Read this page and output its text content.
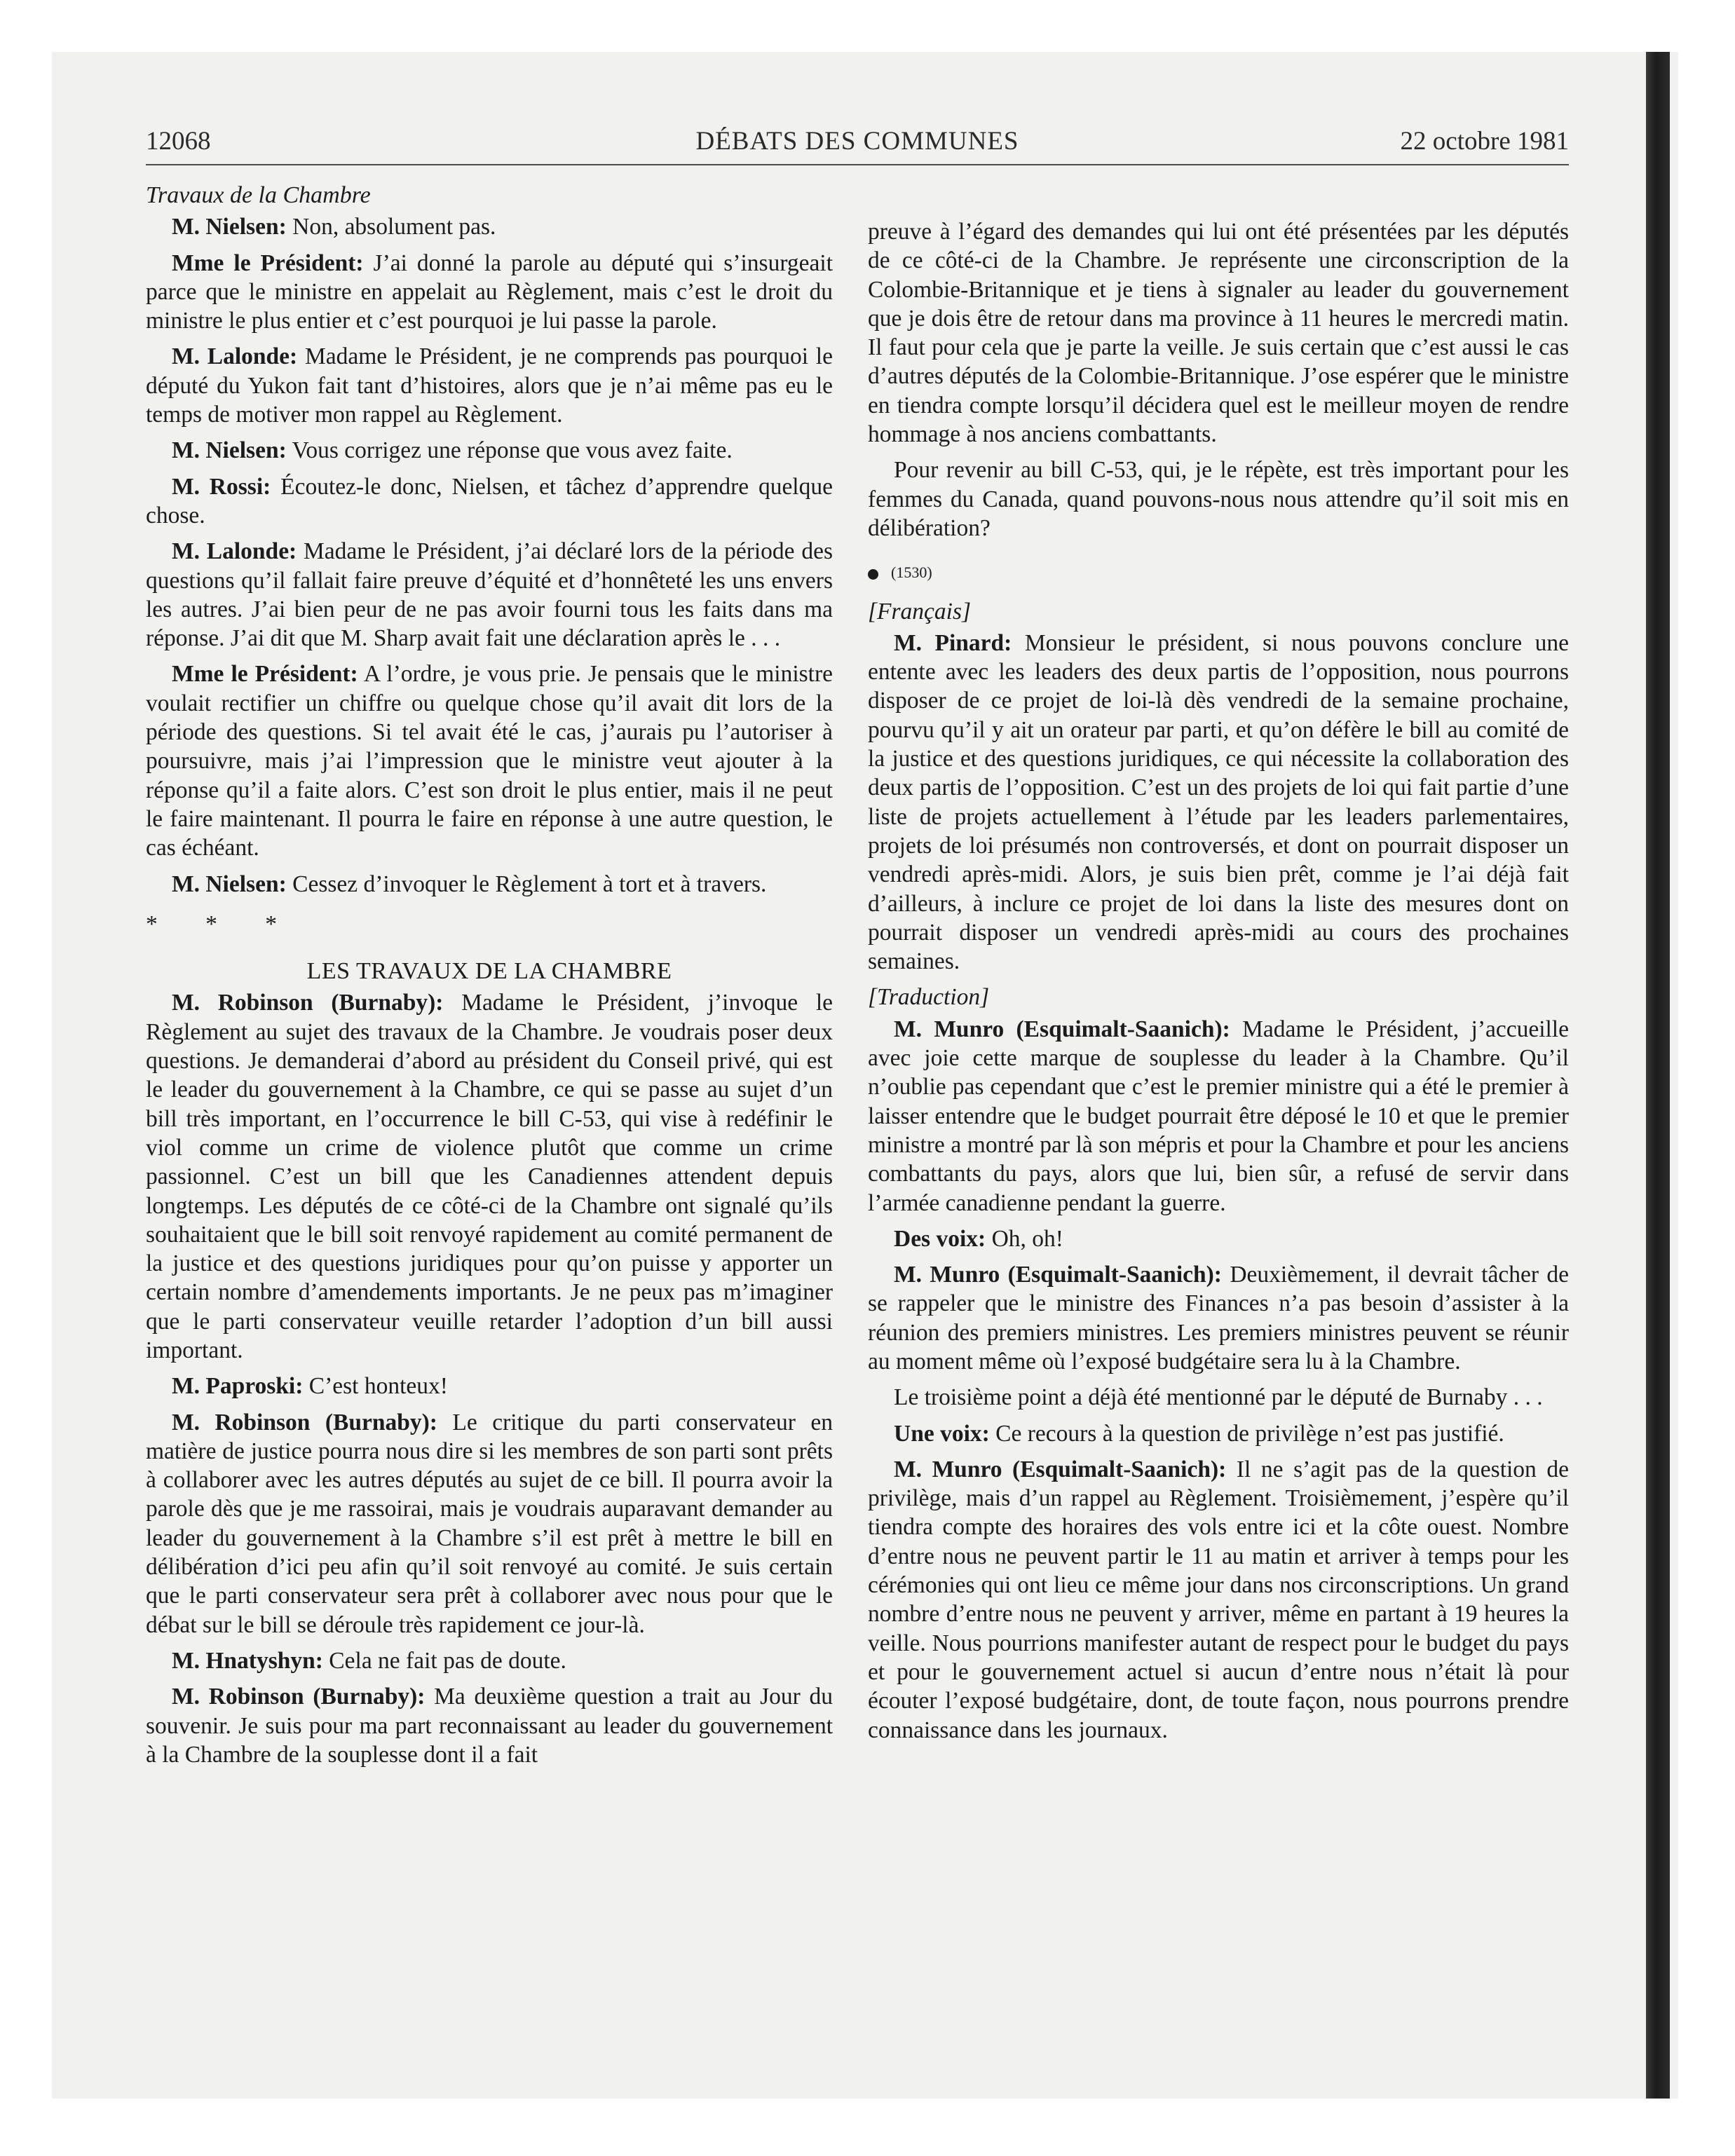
12068	DÉBATS DES COMMUNES	22 octobre 1981

Travaux de la Chambre

M. Nielsen: Non, absolument pas.

Mme le Président: J’ai donné la parole au député qui s’insurgeait parce que le ministre en appelait au Règlement, mais c’est le droit du ministre le plus entier et c’est pourquoi je lui passe la parole.

M. Lalonde: Madame le Président, je ne comprends pas pourquoi le député du Yukon fait tant d’histoires, alors que je n’ai même pas eu le temps de motiver mon rappel au Règlement.

M. Nielsen: Vous corrigez une réponse que vous avez faite.

M. Rossi: Écoutez-le donc, Nielsen, et tâchez d’apprendre quelque chose.

M. Lalonde: Madame le Président, j’ai déclaré lors de la période des questions qu’il fallait faire preuve d’équité et d’honnêteté les uns envers les autres. J’ai bien peur de ne pas avoir fourni tous les faits dans ma réponse. J’ai dit que M. Sharp avait fait une déclaration après le . . .

Mme le Président: A l’ordre, je vous prie. Je pensais que le ministre voulait rectifier un chiffre ou quelque chose qu’il avait dit lors de la période des questions. Si tel avait été le cas, j’aurais pu l’autoriser à poursuivre, mais j’ai l’impression que le ministre veut ajouter à la réponse qu’il a faite alors. C’est son droit le plus entier, mais il ne peut le faire maintenant. Il pourra le faire en réponse à une autre question, le cas échéant.

M. Nielsen: Cessez d’invoquer le Règlement à tort et à travers.

* * *

LES TRAVAUX DE LA CHAMBRE

M. Robinson (Burnaby): Madame le Président, j’invoque le Règlement au sujet des travaux de la Chambre. Je voudrais poser deux questions. Je demanderai d’abord au président du Conseil privé, qui est le leader du gouvernement à la Chambre, ce qui se passe au sujet d’un bill très important, en l’occurrence le bill C-53, qui vise à redéfinir le viol comme un crime de violence plutôt que comme un crime passionnel. C’est un bill que les Canadiennes attendent depuis longtemps. Les députés de ce côté-ci de la Chambre ont signalé qu’ils souhaitaient que le bill soit renvoyé rapidement au comité permanent de la justice et des questions juridiques pour qu’on puisse y apporter un certain nombre d’amendements importants. Je ne peux pas m’imaginer que le parti conservateur veuille retarder l’adoption d’un bill aussi important.

M. Paproski: C’est honteux!

M. Robinson (Burnaby): Le critique du parti conservateur en matière de justice pourra nous dire si les membres de son parti sont prêts à collaborer avec les autres députés au sujet de ce bill. Il pourra avoir la parole dès que je me rassoirai, mais je voudrais auparavant demander au leader du gouvernement à la Chambre s’il est prêt à mettre le bill en délibération d’ici peu afin qu’il soit renvoyé au comité. Je suis certain que le parti conservateur sera prêt à collaborer avec nous pour que le débat sur le bill se déroule très rapidement ce jour-là.

M. Hnatyshyn: Cela ne fait pas de doute.

M. Robinson (Burnaby): Ma deuxième question a trait au Jour du souvenir. Je suis pour ma part reconnaissant au leader du gouvernement à la Chambre de la souplesse dont il a fait

preuve à l’égard des demandes qui lui ont été présentées par les députés de ce côté-ci de la Chambre. Je représente une circonscription de la Colombie-Britannique et je tiens à signaler au leader du gouvernement que je dois être de retour dans ma province à 11 heures le mercredi matin. Il faut pour cela que je parte la veille. Je suis certain que c’est aussi le cas d’autres députés de la Colombie-Britannique. J’ose espérer que le ministre en tiendra compte lorsqu’il décidera quel est le meilleur moyen de rendre hommage à nos anciens combattants.

Pour revenir au bill C-53, qui, je le répète, est très important pour les femmes du Canada, quand pouvons-nous nous attendre qu’il soit mis en délibération?

(1530)

[Français]

M. Pinard: Monsieur le président, si nous pouvons conclure une entente avec les leaders des deux partis de l’opposition, nous pourrons disposer de ce projet de loi-là dès vendredi de la semaine prochaine, pourvu qu’il y ait un orateur par parti, et qu’on défère le bill au comité de la justice et des questions juridiques, ce qui nécessite la collaboration des deux partis de l’opposition. C’est un des projets de loi qui fait partie d’une liste de projets actuellement à l’étude par les leaders parlementaires, projets de loi présumés non controversés, et dont on pourrait disposer un vendredi après-midi. Alors, je suis bien prêt, comme je l’ai déjà fait d’ailleurs, à inclure ce projet de loi dans la liste des mesures dont on pourrait disposer un vendredi après-midi au cours des prochaines semaines.

[Traduction]

M. Munro (Esquimalt-Saanich): Madame le Président, j’accueille avec joie cette marque de souplesse du leader à la Chambre. Qu’il n’oublie pas cependant que c’est le premier ministre qui a été le premier à laisser entendre que le budget pourrait être déposé le 10 et que le premier ministre a montré par là son mépris et pour la Chambre et pour les anciens combattants du pays, alors que lui, bien sûr, a refusé de servir dans l’armée canadienne pendant la guerre.

Des voix: Oh, oh!

M. Munro (Esquimalt-Saanich): Deuxièmement, il devrait tâcher de se rappeler que le ministre des Finances n’a pas besoin d’assister à la réunion des premiers ministres. Les premiers ministres peuvent se réunir au moment même où l’exposé budgétaire sera lu à la Chambre.

Le troisième point a déjà été mentionné par le député de Burnaby . . .

Une voix: Ce recours à la question de privilège n’est pas justifié.

M. Munro (Esquimalt-Saanich): Il ne s’agit pas de la question de privilège, mais d’un rappel au Règlement. Troisièmement, j’espère qu’il tiendra compte des horaires des vols entre ici et la côte ouest. Nombre d’entre nous ne peuvent partir le 11 au matin et arriver à temps pour les cérémonies qui ont lieu ce même jour dans nos circonscriptions. Un grand nombre d’entre nous ne peuvent y arriver, même en partant à 19 heures la veille. Nous pourrions manifester autant de respect pour le budget du pays et pour le gouvernement actuel si aucun d’entre nous n’était là pour écouter l’exposé budgétaire, dont, de toute façon, nous pourrons prendre connaissance dans les journaux.
